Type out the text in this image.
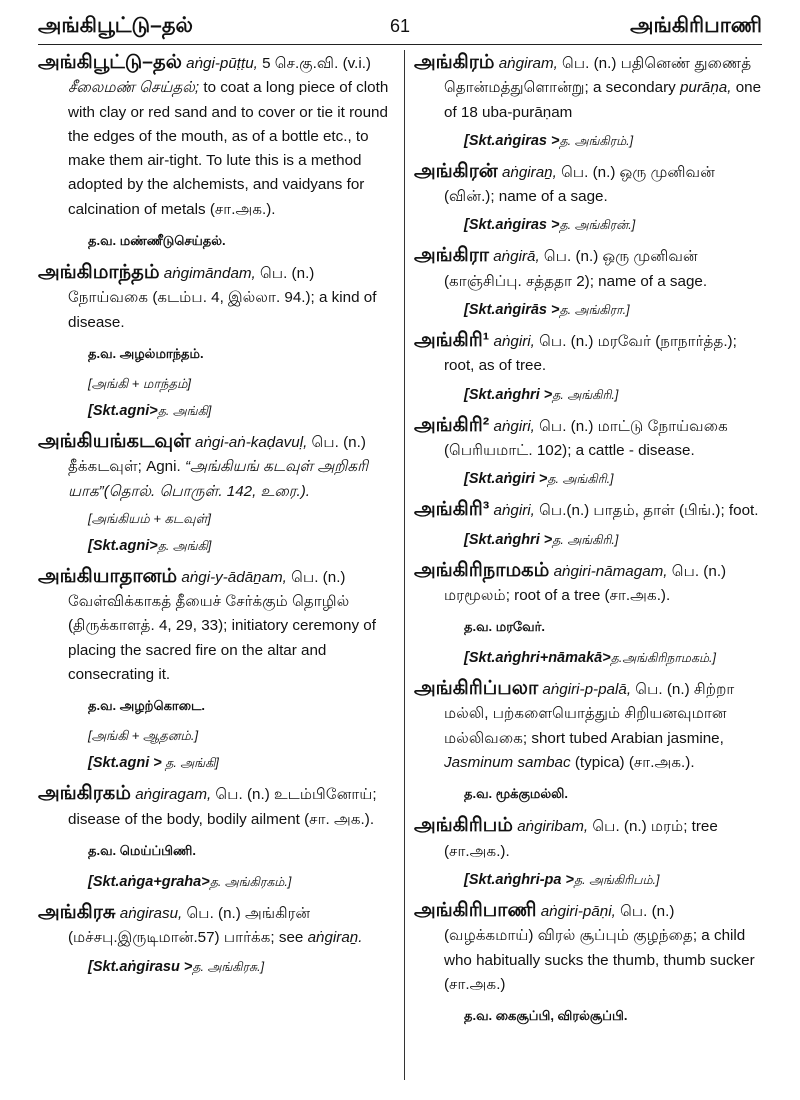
அங்கிபூட்டு–தல்	61	அங்கிரிபாணி
அங்கிபூட்டு–தல் aṅgi-pūṭṭu, 5 செ.கு.வி. (v.i.) சீலைமண் செய்தல்; to coat a long piece of cloth with clay or red sand and to cover or tie it round the edges of the mouth, as of a bottle etc., to make them air-tight. To lute this is a method adopted by the alchemists, and vaidyans for calcination of metals (சா.அக.).
த.வ. மண்ணீடுசெய்தல்.
அங்கிமாந்தம் aṅgimāndam, பெ. (n.) நோய்வகை (கடம்ப. 4, இல்லா. 94.); a kind of disease.
த.வ. அழல்மாந்தம்.
[அங்கி + மாந்தம்]
[Skt.agni>த. அங்கி]
அங்கியங்கடவுள் aṅgi-aṅ-kaḍavuḷ, பெ. (n.) தீக்கடவுள்; Agni. “அங்கியங் கடவுள் அறிகரி யாக”(தொல். பொருள். 142, உரை.).
[அங்கியம் + கடவுள்]
[Skt.agni>த. அங்கி]
அங்கியாதானம் aṅgi-y-ādāṉam, பெ. (n.) வேள்விக்காகத் தீயைச் சேர்க்கும் தொழில் (திருக்காளத். 4, 29, 33); initiatory ceremony of placing the sacred fire on the altar and consecrating it.
த.வ. அழற்கொடை.
[அங்கி + ஆதனம்.]
[Skt.agni > த. அங்கி]
அங்கிரகம் aṅgiragam, பெ. (n.) உடம்பினோய்; disease of the body, bodily ailment (சா. அக.).
த.வ. மெய்ப்பிணி.
[Skt.aṅga+graha>த. அங்கிரகம்.]
அங்கிரசு aṅgirasu, பெ. (n.) அங்கிரன் (மச்சபு.இருடிமான்.57) பார்க்க; see aṅgiraṉ.
[Skt.aṅgirasu >த. அங்கிரசு.]
அங்கிரம் aṅgiram, பெ. (n.) பதினெண் துணைத் தொன்மத்துளொன்று; a secondary purāṇa, one of 18 uba-purāṇam
[Skt.aṅgiras >த. அங்கிரம்.]
அங்கிரன் aṅgiraṉ, பெ. (n.) ஒரு முனிவன் (வின்.); name of a sage.
[Skt.aṅgiras >த. அங்கிரன்.]
அங்கிரா aṅgirā, பெ. (n.) ஒரு முனிவன் (காஞ்சிப்பு. சத்ததா 2); name of a sage.
[Skt.aṅgirās >த. அங்கிரா.]
அங்கிரி¹ aṅgiri, பெ. (n.) மரவேர் (நாநார்த்த.); root, as of tree.
[Skt.aṅghri >த. அங்கிரி.]
அங்கிரி² aṅgiri, பெ. (n.) மாட்டு நோய்வகை (பெரியமாட். 102); a cattle - disease.
[Skt.aṅgiri >த. அங்கிரி.]
அங்கிரி³ aṅgiri, பெ.(n.) பாதம், தாள் (பிங்.); foot.
[Skt.aṅghri >த. அங்கிரி.]
அங்கிரிநாமகம் aṅgiri-nāmagam, பெ. (n.) மரமூலம்; root of a tree (சா.அக.).
த.வ. மரவேர்.
[Skt.aṅghri+nāmakā>த.அங்கிரிநாமகம்.]
அங்கிரிப்பலா aṅgiri-p-palā, பெ. (n.) சிற்றா மல்லி, பற்களையொத்தும் சிறியனவுமான மல்லிவகை; short tubed Arabian jasmine, Jasminum sambac (typica) (சா.அக.).
த.வ. மூக்குமல்லி.
அங்கிரிபம் aṅgiribam, பெ. (n.) மரம்; tree (சா.அக.).
[Skt.aṅghri-pa >த. அங்கிரிபம்.]
அங்கிரிபாணி aṅgiri-pāṇi, பெ. (n.) (வழக்கமாய்) விரல் சூப்பும் குழந்தை; a child who habitually sucks the thumb, thumb sucker (சா.அக.)
த.வ. கைசூப்பி, விரல்சூப்பி.
